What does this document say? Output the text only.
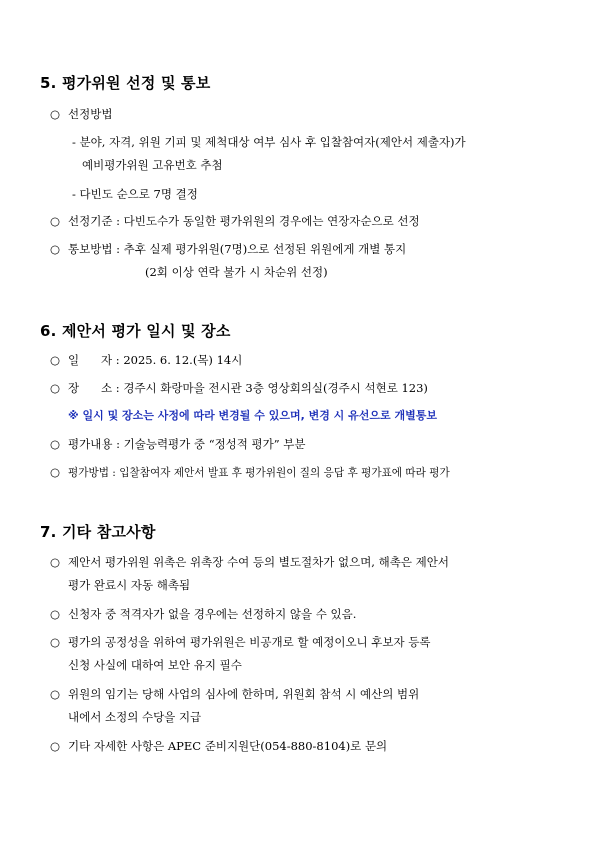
5. 평가위원 선정 및 통보
○ 선정방법
- 분야, 자격, 위원 기피 및 제척대상 여부 심사 후 입찰참여자(제안서 제출자)가
예비평가위원 고유번호 추첨
- 다빈도 순으로 7명 결정
○ 선정기준 : 다빈도수가 동일한 평가위원의 경우에는 연장자순으로 선정
○ 통보방법 : 추후 실제 평가위원(7명)으로 선정된 위원에게 개별 통지
(2회 이상 연락 불가 시 차순위 선정)
6. 제안서 평가 일시 및 장소
○ 일      자 : 2025. 6. 12.(목) 14시
○ 장      소 : 경주시 화랑마을 전시관 3층 영상회의실(경주시 석현로 123)
※ 일시 및 장소는 사정에 따라 변경될 수 있으며, 변경 시 유선으로 개별통보
○ 평가내용 : 기술능력평가 중 “정성적 평가” 부분
○ 평가방법 : 입찰참여자 제안서 발표 후 평가위원이 질의 응답 후 평가표에 따라 평가
7. 기타 참고사항
○ 제안서 평가위원 위촉은 위촉장 수여 등의 별도절차가 없으며, 해촉은 제안서
평가 완료시 자동 해촉됨
○ 신청자 중 적격자가 없을 경우에는 선정하지 않을 수 있음.
○ 평가의 공정성을 위하여 평가위원은 비공개로 할 예정이오니 후보자 등록
신청 사실에 대하여 보안 유지 필수
○ 위원의 임기는 당해 사업의 심사에 한하며, 위원회 참석 시 예산의 범위
내에서 소정의 수당을 지급
○ 기타 자세한 사항은 APEC 준비지원단(054-880-8104)로 문의
